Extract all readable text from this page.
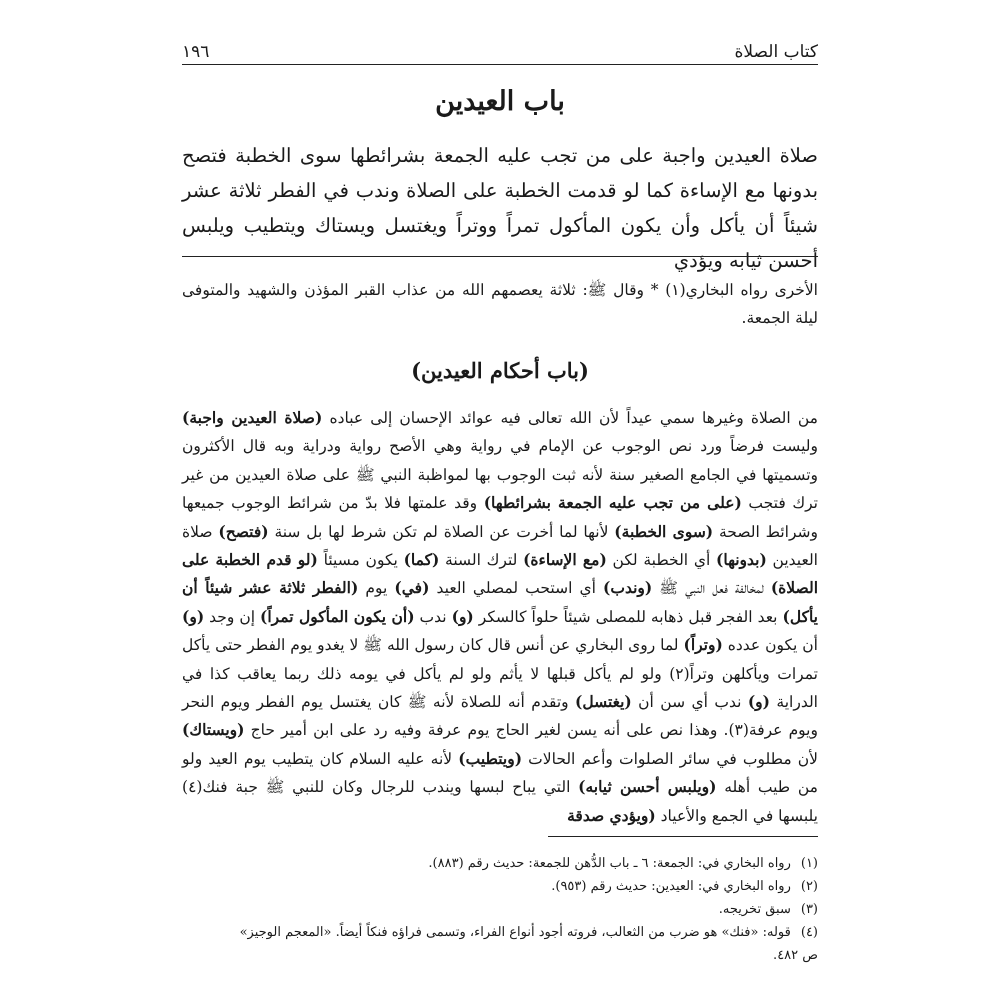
كتاب الصلاة
١٩٦
باب العيدين
صلاة العيدين واجبة على من تجب عليه الجمعة بشرائطها سوى الخطبة فتصح بدونها مع الإساءة كما لو قدمت الخطبة على الصلاة وندب في الفطر ثلاثة عشر شيئاً أن يأكل وأن يكون المأكول تمراً ووتراً ويغتسل ويستاك ويتطيب ويلبس أحسن ثيابه ويؤدي
الأخرى رواه البخاري(١) * وقال ﷺ: ثلاثة يعصمهم الله من عذاب القبر المؤذن والشهيد والمتوفى ليلة الجمعة.
(باب أحكام العيدين)
من الصلاة وغيرها سمي عيداً لأن الله تعالى فيه عوائد الإحسان إلى عباده (صلاة العيدين واجبة) وليست فرضاً ورد نص الوجوب عن الإمام في رواية وهي الأصح رواية ودراية وبه قال الأكثرون وتسميتها في الجامع الصغير سنة لأنه ثبت الوجوب بها لمواظبة النبي ﷺ على صلاة العيدين من غير ترك فتجب (على من تجب عليه الجمعة بشرائطها) وقد علمتها فلا بدّ من شرائط الوجوب جميعها وشرائط الصحة (سوى الخطبة) لأنها لما أخرت عن الصلاة لم تكن شرط لها بل سنة (فتصح) صلاة العيدين (بدونها) أي الخطبة لكن (مع الإساءة) لترك السنة (كما) يكون مسيئاً (لو قدم الخطبة على الصلاة) لمخالفة فعل النبي ﷺ (وندب) أي استحب لمصلي العيد (في) يوم (الفطر ثلاثة عشر شيئاً أن يأكل) بعد الفجر قبل ذهابه للمصلى شيئاً حلواً كالسكر (و) ندب (أن يكون المأكول تمراً) إن وجد (و) أن يكون عدده (وتراً) لما روى البخاري عن أنس قال كان رسول الله ﷺ لا يغدو يوم الفطر حتى يأكل تمرات ويأكلهن وتراً(٢) ولو لم يأكل قبلها لا يأثم ولو لم يأكل في يومه ذلك ربما يعاقب كذا في الدراية (و) ندب أي سن أن (يغتسل) وتقدم أنه للصلاة لأنه ﷺ كان يغتسل يوم الفطر ويوم النحر ويوم عرفة(٣). وهذا نص على أنه يسن لغير الحاج يوم عرفة وفيه رد على ابن أمير حاج (ويستاك) لأن مطلوب في سائر الصلوات وأعم الحالات (ويتطيب) لأنه عليه السلام كان يتطيب يوم العيد ولو من طيب أهله (ويلبس أحسن ثيابه) التي يباح لبسها ويندب للرجال وكان للنبي ﷺ جبة فنك(٤) يلبسها في الجمع والأعياد (ويؤدي صدقة
(١)رواه البخاري في: الجمعة: ٦ ـ باب الدُّهن للجمعة: حديث رقم (٨٨٣).
(٢)رواه البخاري في: العيدين: حديث رقم (٩٥٣).
(٣)سبق تخريجه.
(٤)قوله: «فنك» هو ضرب من الثعالب، فروته أجود أنواع الفراء، وتسمى فراؤه فنكاً أيضاً. «المعجم الوجيز»
ص ٤٨٢.
